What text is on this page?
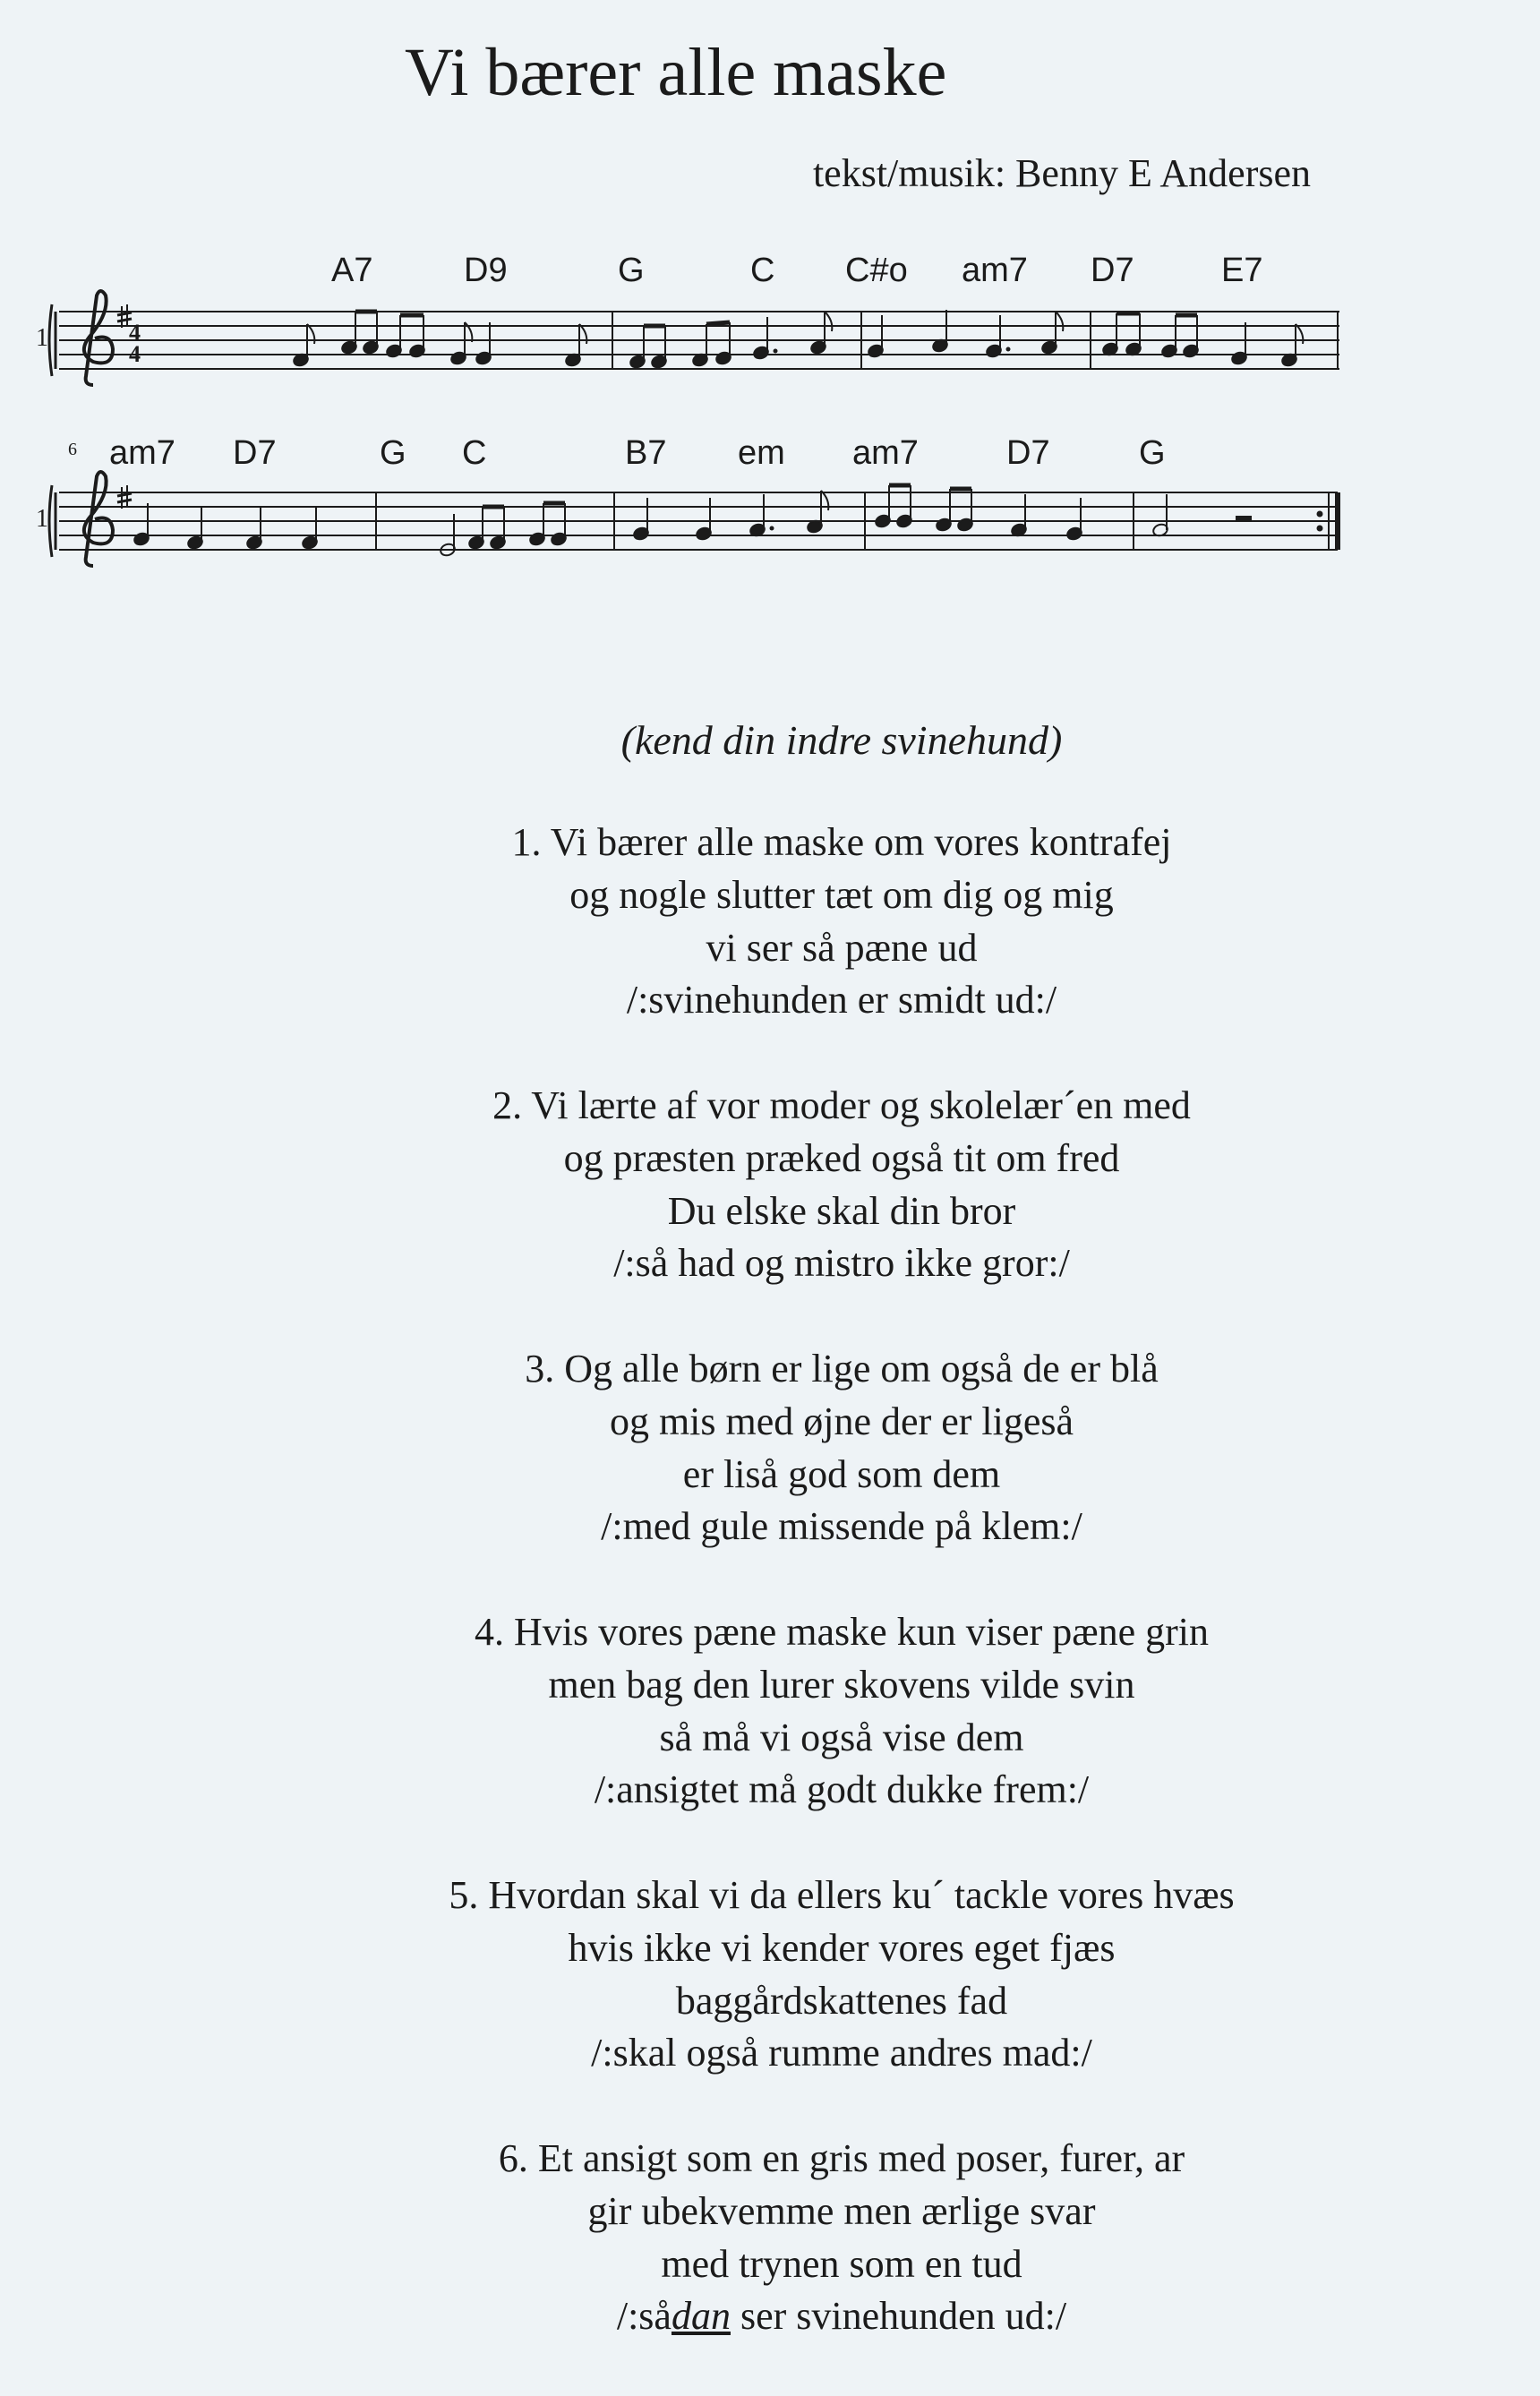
Vi bærer alle maske
tekst/musik: Benny E Andersen
1	4
4
A7	D9	G	C C#o am7 D7	E7
6
1
am7 D7	G C	B7 em am7	D7	G
(kend din indre svinehund)
1. Vi bærer alle maske om vores kontrafej
og nogle slutter tæt om dig og mig
vi ser så pæne ud
/:svinehunden er smidt ud:/
2. Vi lærte af vor moder og skolelær´en med
og præsten præked også tit om fred
Du elske skal din bror
/:så had og mistro ikke gror:/
3. Og alle børn er lige om også de er blå
og mis med øjne der er ligeså
er liså god som dem
/:med gule missende på klem:/
4. Hvis vores pæne maske kun viser pæne grin
men bag den lurer skovens vilde svin
så må vi også vise dem
/:ansigtet må godt dukke frem:/
5. Hvordan skal vi da ellers ku´ tackle vores hvæs
hvis ikke vi kender vores eget fjæs
baggårdskattenes fad
/:skal også rumme andres mad:/
6. Et ansigt som en gris med poser, furer, ar
gir ubekvemme men ærlige svar
med trynen som en tud
/:sådan ser svinehunden ud:/
